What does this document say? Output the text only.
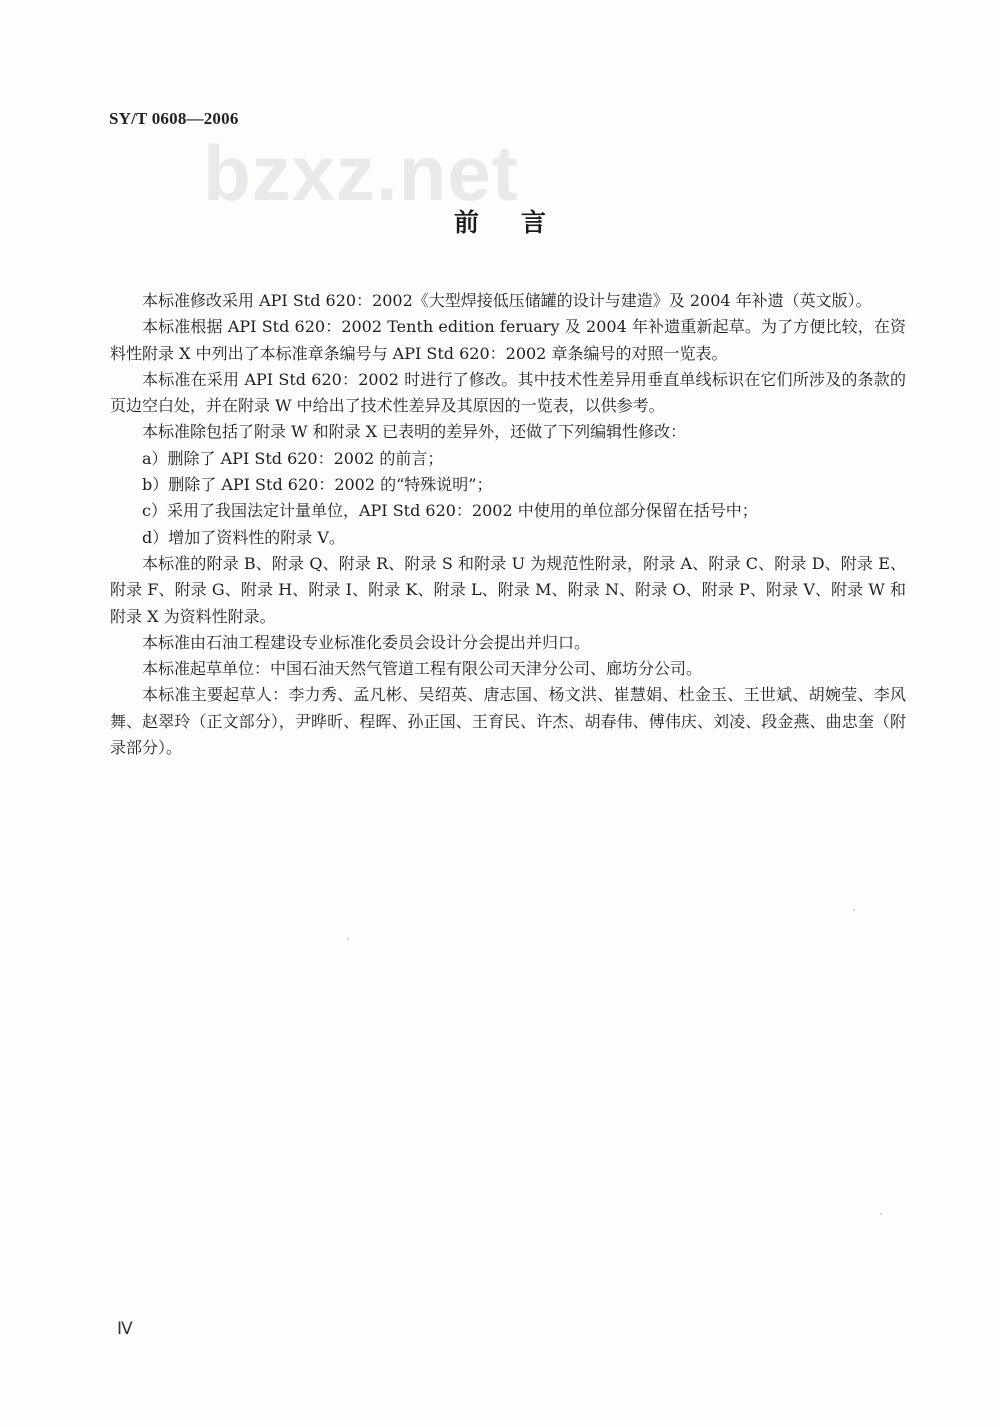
SY/T 0608—2006
bzxz.net
前言

本标准修改采用 API Std 620：2002《大型焊接低压储罐的设计与建造》及 2004 年补遗（英文版）。

本标准根据 API Std 620：2002 Tenth edition feruary 及 2004 年补遗重新起草。为了方便比较，在资料性附录 X 中列出了本标准章条编号与 API Std 620：2002 章条编号的对照一览表。

本标准在采用 API Std 620：2002 时进行了修改。其中技术性差异用垂直单线标识在它们所涉及的条款的页边空白处，并在附录 W 中给出了技术性差异及其原因的一览表，以供参考。

本标准除包括了附录 W 和附录 X 已表明的差异外，还做了下列编辑性修改：

a）删除了 API Std 620：2002 的前言；

b）删除了 API Std 620：2002 的“特殊说明”；

c）采用了我国法定计量单位，API Std 620：2002 中使用的单位部分保留在括号中；

d）增加了资料性的附录 V。

本标准的附录 B、附录 Q、附录 R、附录 S 和附录 U 为规范性附录，附录 A、附录 C、附录 D、附录 E、附录 F、附录 G、附录 H、附录 I、附录 K、附录 L、附录 M、附录 N、附录 O、附录 P、附录 V、附录 W 和附录 X 为资料性附录。

本标准由石油工程建设专业标准化委员会设计分会提出并归口。

本标准起草单位：中国石油天然气管道工程有限公司天津分公司、廊坊分公司。

本标准主要起草人：李力秀、孟凡彬、吴绍英、唐志国、杨文洪、崔慧娟、杜金玉、王世斌、胡婉莹、李风舞、赵翠玲（正文部分），尹晔昕、程晖、孙正国、王育民、许杰、胡春伟、傅伟庆、刘凌、段金燕、曲忠奎（附录部分）。

Ⅳ
